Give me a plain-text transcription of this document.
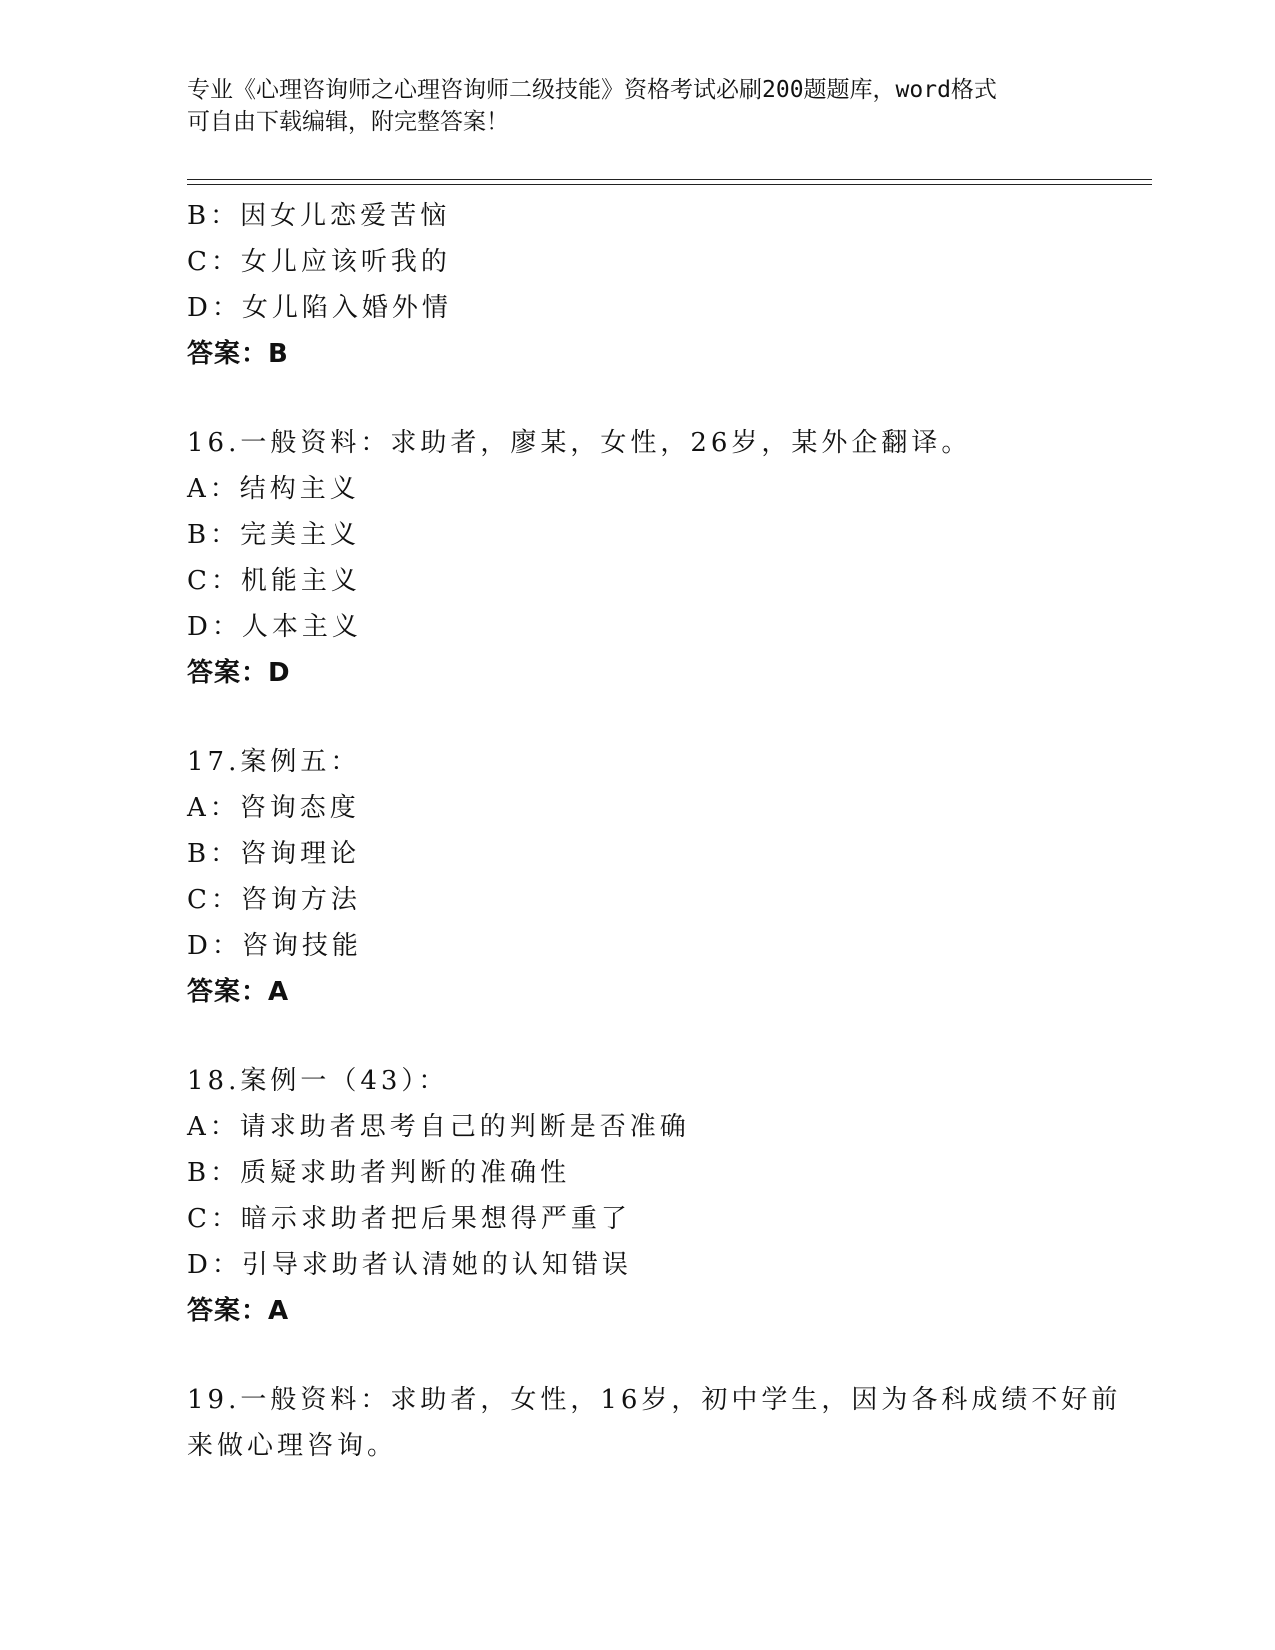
专业《心理咨询师之心理咨询师二级技能》资格考试必刷200题题库，word格式
可自由下载编辑，附完整答案！
B：因女儿恋爱苦恼
C：女儿应该听我的
D：女儿陷入婚外情
答案：B
16.一般资料：求助者，廖某，女性，26岁，某外企翻译。
A：结构主义
B：完美主义
C：机能主义
D：人本主义
答案：D
17.案例五：
A：咨询态度
B：咨询理论
C：咨询方法
D：咨询技能
答案：A
18.案例一（43）：
A：请求助者思考自己的判断是否准确
B：质疑求助者判断的准确性
C：暗示求助者把后果想得严重了
D：引导求助者认清她的认知错误
答案：A
19.一般资料：求助者，女性，16岁，初中学生，因为各科成绩不好前
来做心理咨询。
